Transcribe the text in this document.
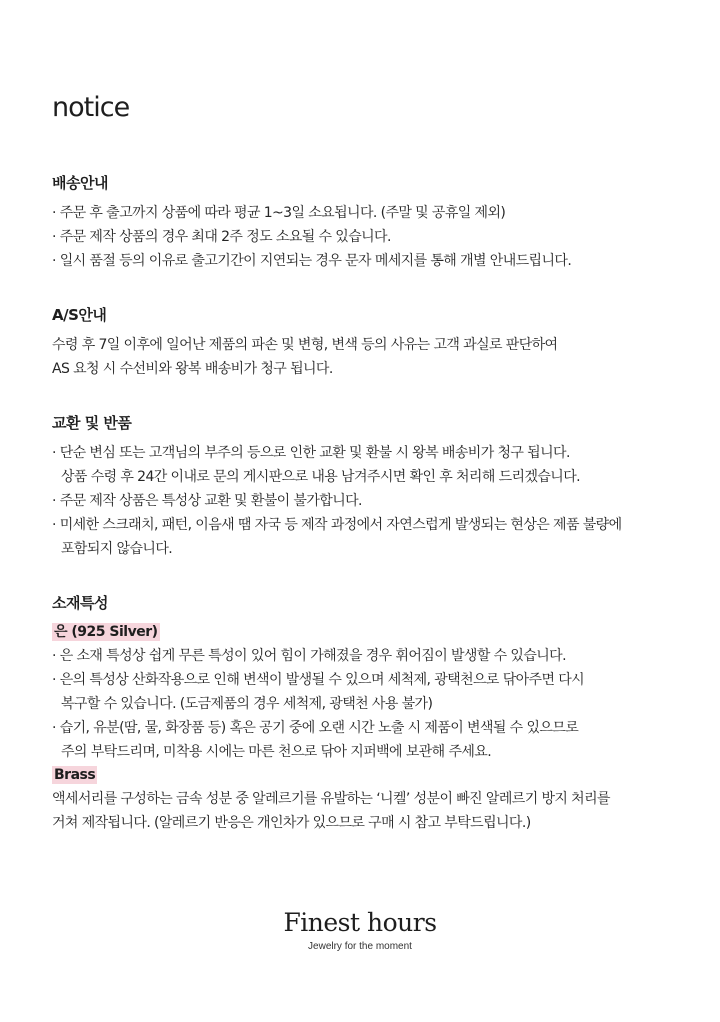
notice
배송안내
· 주문 후 출고까지 상품에 따라 평균 1~3일 소요됩니다. (주말 및 공휴일 제외)
· 주문 제작 상품의 경우 최대 2주 정도 소요될 수 있습니다.
· 일시 품절 등의 이유로 출고기간이 지연되는 경우 문자 메세지를 통해 개별 안내드립니다.
A/S안내
수령 후 7일 이후에 일어난 제품의 파손 및 변형, 변색 등의 사유는 고객 과실로 판단하여
AS 요청 시 수선비와 왕복 배송비가 청구 됩니다.
교환 및 반품
· 단순 변심 또는 고객님의 부주의 등으로 인한 교환 및 환불 시 왕복 배송비가 청구 됩니다.
상품 수령 후 24간 이내로 문의 게시판으로 내용 남겨주시면 확인 후 처리해 드리겠습니다.
· 주문 제작 상품은 특성상 교환 및 환불이 불가합니다.
· 미세한 스크래치, 패턴, 이음새 땜 자국 등 제작 과정에서 자연스럽게 발생되는 현상은 제품 불량에
포함되지 않습니다.
소재특성
은 (925 Silver)
· 은 소재 특성상 쉽게 무른 특성이 있어 힘이 가해졌을 경우 휘어짐이 발생할 수 있습니다.
· 은의 특성상 산화작용으로 인해 변색이 발생될 수 있으며 세척제, 광택천으로 닦아주면 다시
복구할 수 있습니다. (도금제품의 경우 세척제, 광택천 사용 불가)
· 습기, 유분(땀, 물, 화장품 등) 혹은 공기 중에 오랜 시간 노출 시 제품이 변색될 수 있으므로
주의 부탁드리며, 미착용 시에는 마른 천으로 닦아 지퍼백에 보관해 주세요.
Brass
액세서리를 구성하는 금속 성분 중 알레르기를 유발하는 ‘니켈’ 성분이 빠진 알레르기 방지 처리를
거쳐 제작됩니다. (알레르기 반응은 개인차가 있으므로 구매 시 참고 부탁드립니다.)
Finest hours
Jewelry for the moment
